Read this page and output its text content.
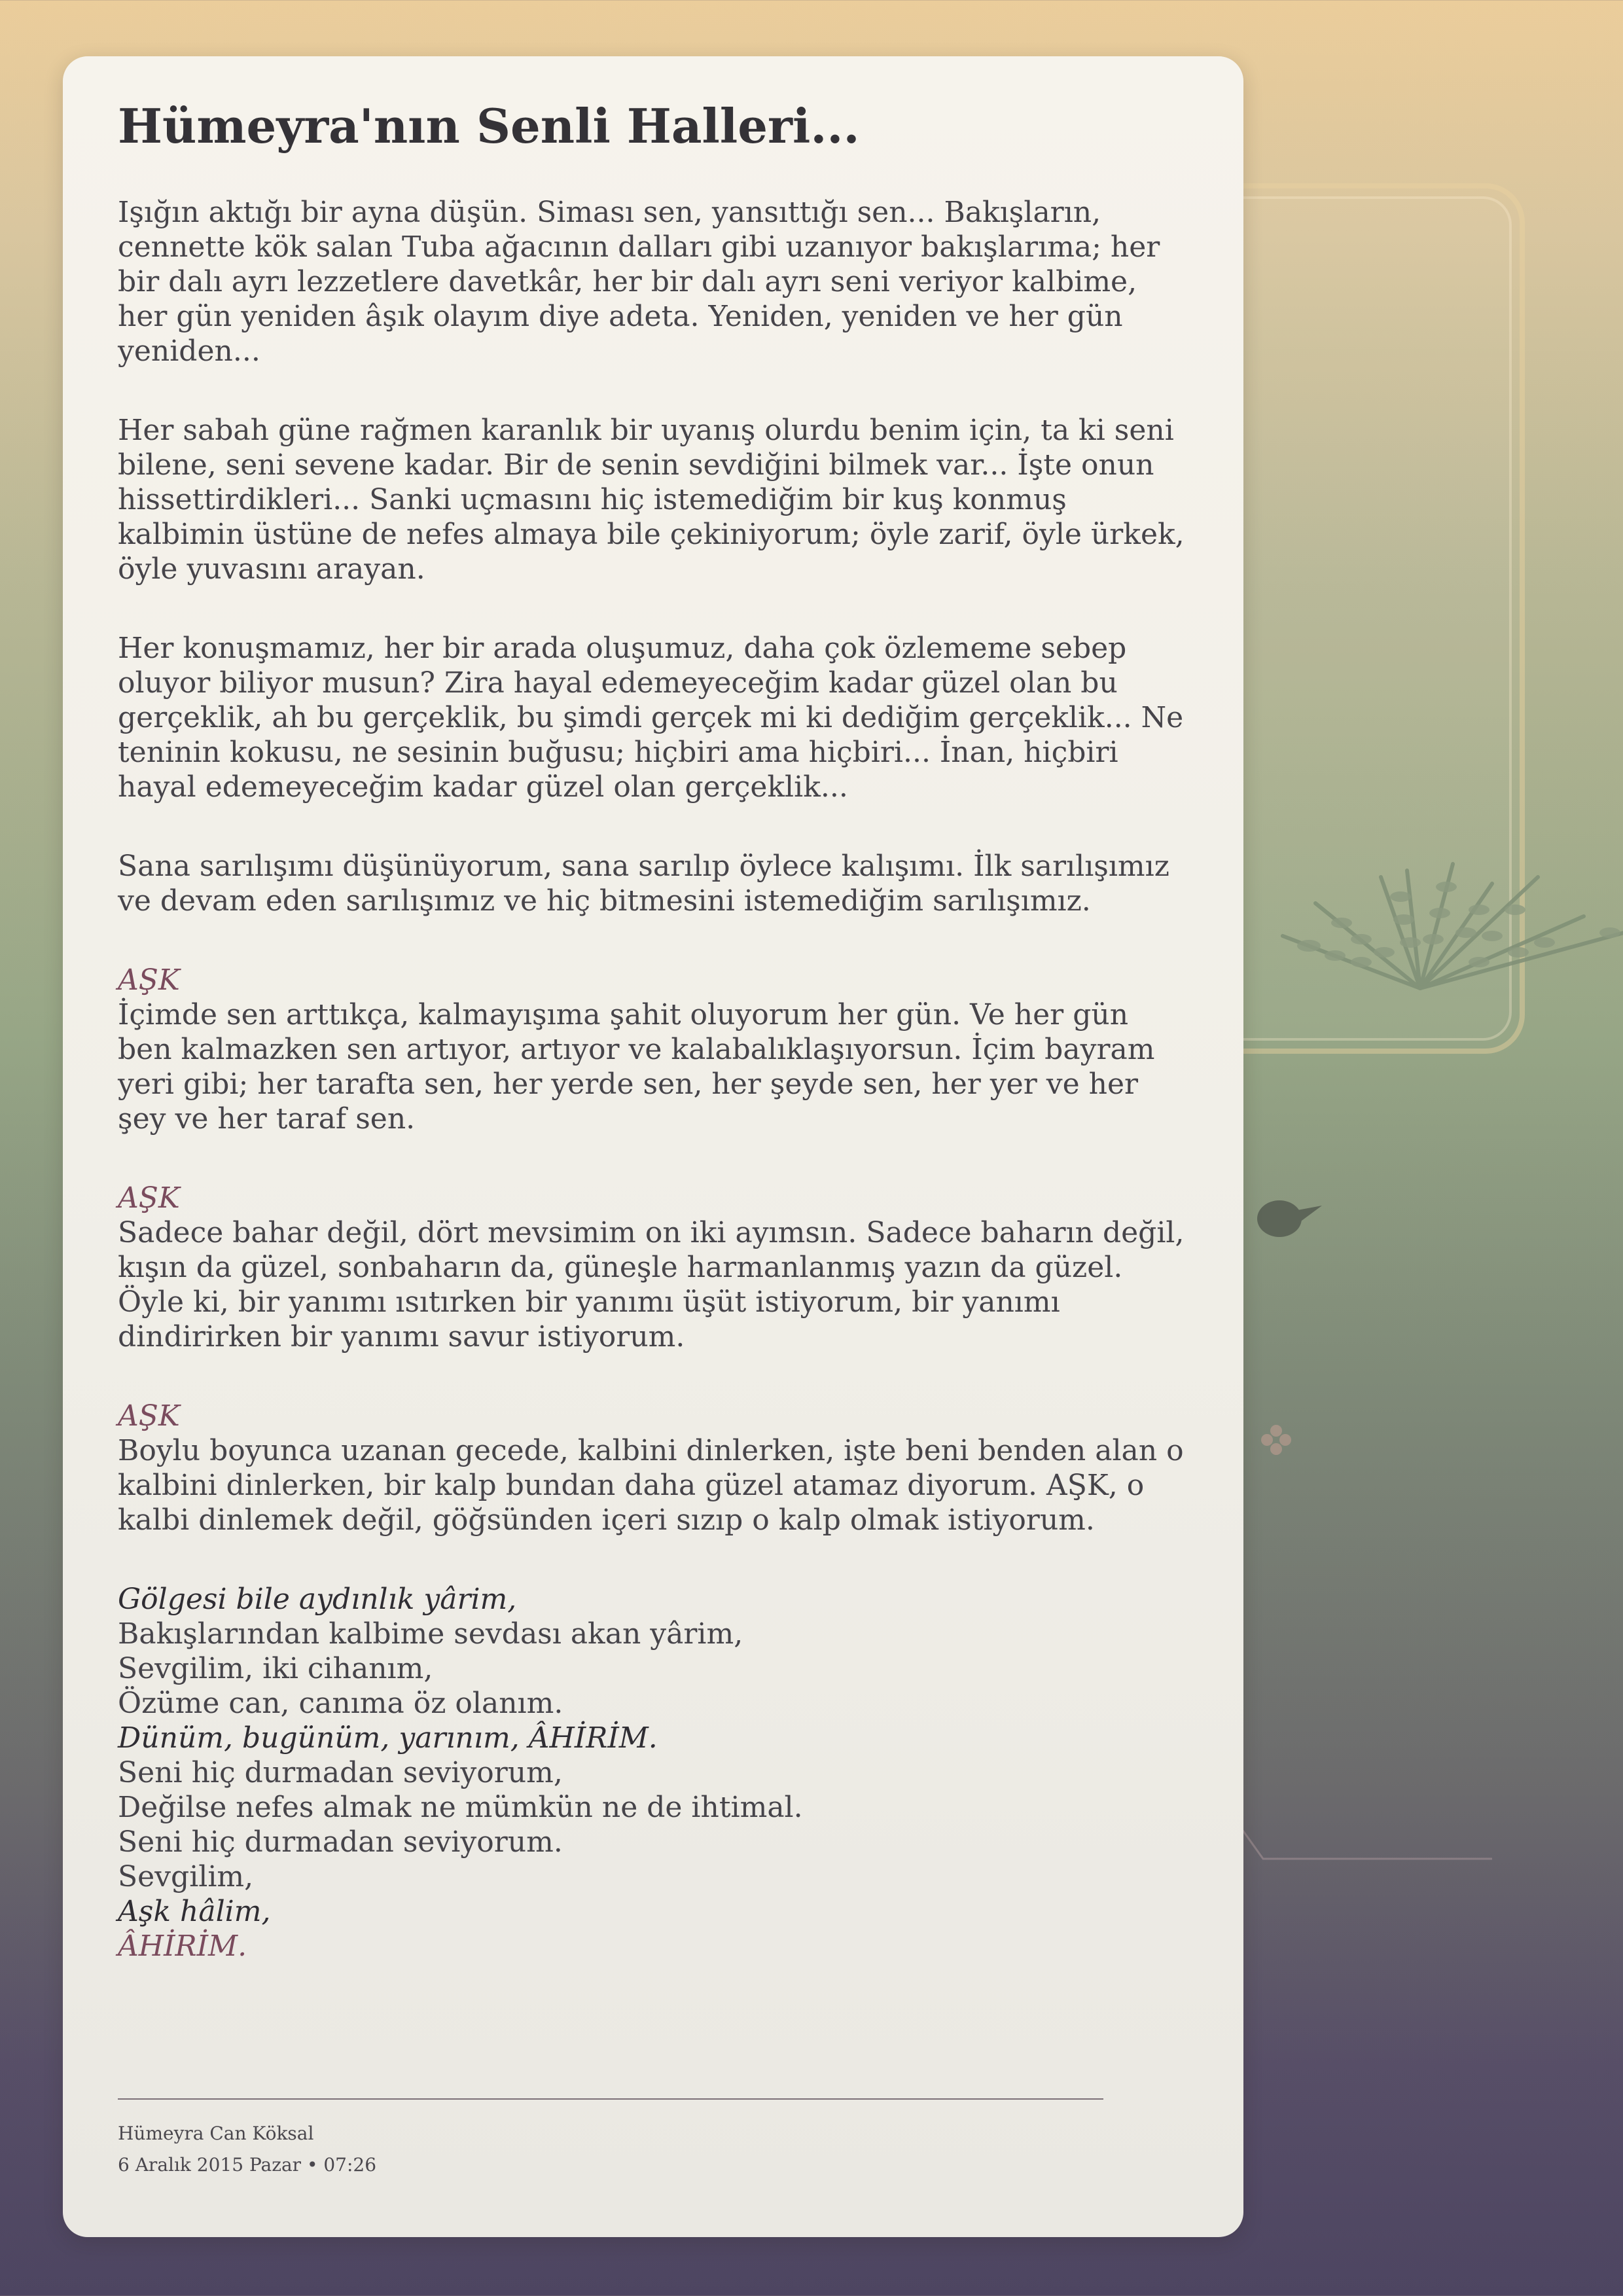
Hümeyra'nın Senli Halleri...

Işığın aktığı bir ayna düşün. Siması sen, yansıttığı sen... Bakışların, cennette kök salan Tuba ağacının dalları gibi uzanıyor bakışlarıma; her bir dalı ayrı lezzetlere davetkâr, her bir dalı ayrı seni veriyor kalbime, her gün yeniden âşık olayım diye adeta. Yeniden, yeniden ve her gün yeniden...

Her sabah güne rağmen karanlık bir uyanış olurdu benim için, ta ki seni bilene, seni sevene kadar. Bir de senin sevdiğini bilmek var... İşte onun hissettirdikleri... Sanki uçmasını hiç istemediğim bir kuş konmuş kalbimin üstüne de nefes almaya bile çekiniyorum; öyle zarif, öyle ürkek, öyle yuvasını arayan.

Her konuşmamız, her bir arada oluşumuz, daha çok özlememe sebep oluyor biliyor musun? Zira hayal edemeyeceğim kadar güzel olan bu gerçeklik, ah bu gerçeklik, bu şimdi gerçek mi ki dediğim gerçeklik... Ne teninin kokusu, ne sesinin buğusu; hiçbiri ama hiçbiri... İnan, hiçbiri hayal edemeyeceğim kadar güzel olan gerçeklik...

Sana sarılışımı düşünüyorum, sana sarılıp öylece kalışımı. İlk sarılışımız ve devam eden sarılışımız ve hiç bitmesini istemediğim sarılışımız.

AŞK
İçimde sen arttıkça, kalmayışıma şahit oluyorum her gün. Ve her gün ben kalmazken sen artıyor, artıyor ve kalabalıklaşıyorsun. İçim bayram yeri gibi; her tarafta sen, her yerde sen, her şeyde sen, her yer ve her şey ve her taraf sen.

AŞK
Sadece bahar değil, dört mevsimim on iki ayımsın. Sadece baharın değil, kışın da güzel, sonbaharın da, güneşle harmanlanmış yazın da güzel. Öyle ki, bir yanımı ısıtırken bir yanımı üşüt istiyorum, bir yanımı dindirirken bir yanımı savur istiyorum.

AŞK
Boylu boyunca uzanan gecede, kalbini dinlerken, işte beni benden alan o kalbini dinlerken, bir kalp bundan daha güzel atamaz diyorum. AŞK, o kalbi dinlemek değil, göğsünden içeri sızıp o kalp olmak istiyorum.

Gölgesi bile aydınlık yârim,
Bakışlarından kalbime sevdası akan yârim,
Sevgilim, iki cihanım,
Özüme can, canıma öz olanım.
Dünüm, bugünüm, yarınım, ÂHİRİM.
Seni hiç durmadan seviyorum,
Değilse nefes almak ne mümkün ne de ihtimal.
Seni hiç durmadan seviyorum.
Sevgilim,
Aşk hâlim,
ÂHİRİM.
Hümeyra Can Köksal
6 Aralık 2015 Pazar • 07:26
